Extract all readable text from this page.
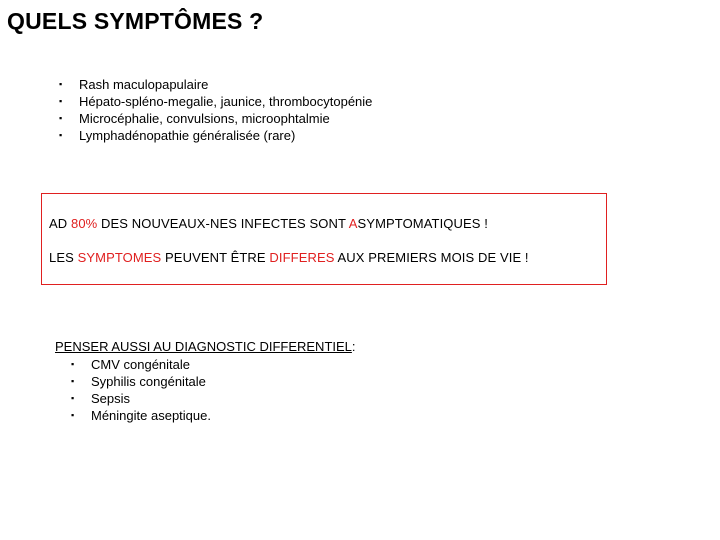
QUELS SYMPTÔMES ?
▪ Rash maculopapulaire
▪ Hépato-spléno-megalie, jaunice, thrombocytopénie
▪ Microcéphalie, convulsions, microophtalmie
▪ Lymphadénopathie généralisée (rare)
AD 80% DES NOUVEAUX-NES INFECTES SONT ASYMPTOMATIQUES !
LES SYMPTOMES PEUVENT ÊTRE DIFFERES AUX PREMIERS MOIS DE VIE !
PENSER AUSSI AU DIAGNOSTIC DIFFERENTIEL:
▪ CMV congénitale
▪ Syphilis congénitale
▪ Sepsis
▪ Méningite aseptique.
